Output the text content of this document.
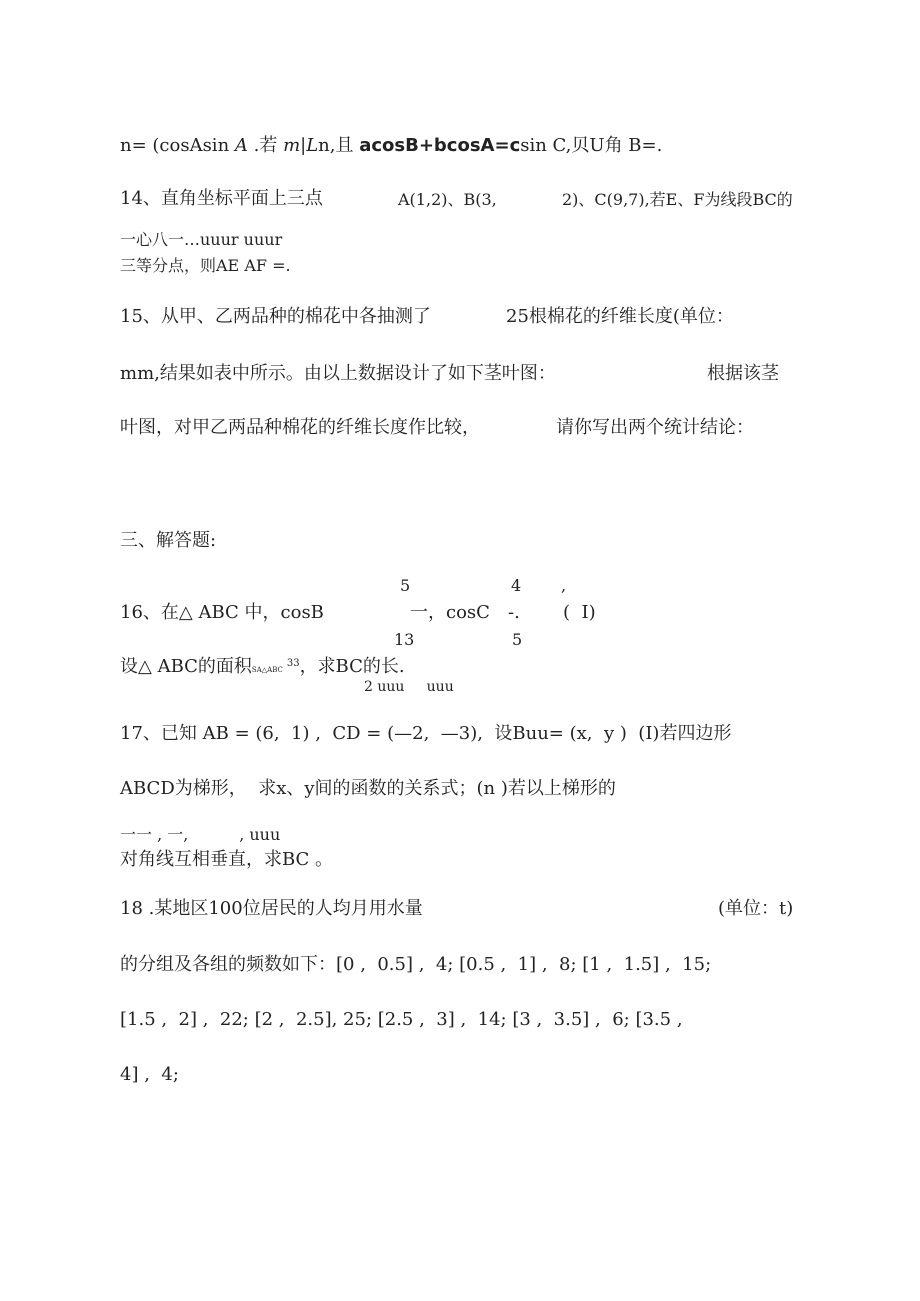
n= (cosAsin A .若 m|Ln,且 acosB+bcosA=csin C,贝U角 B=.
14、直角坐标平面上三点	A(1,2)、B(3,	2)、C(9,7),若E、F为线段BC的
一心八一…uuur uuur
三等分点，则AE AF =.
15、从甲、乙两品种的棉花中各抽测了	25根棉花的纤维长度(单位：
mm,结果如表中所示。由以上数据设计了如下茎叶图：	根据该茎
叶图，对甲乙两品种棉花的纤维长度作比较，	请你写出两个统计结论：
三、解答题:
5	4 ,
16、在△ ABC 中，cosB	一，cosC -. (  I)
13	5
设△ ABC的面积SA△ABC$^{33}$，求BC的长.
2 uuu     uuu
17、已知 AB = (6,  1) ,  CD = (—2,  —3),  设Buu= (x,  y )  (I)若四边形
ABCD为梯形，  求x、y间的函数的关系式；(n )若以上梯形的
一一 , 一,          , uuu
对角线互相垂直，求BC 。
18 .某地区100位居民的人均月用水量	(单位：t)
的分组及各组的频数如下：[0 ,  0.5] ,  4; [0.5 ,  1] ,  8; [1 ,  1.5] ,  15;
[1.5 ,  2] ,  22; [2 ,  2.5], 25; [2.5 ,  3] ,  14; [3 ,  3.5] ,  6; [3.5 ,
4] ,  4;
